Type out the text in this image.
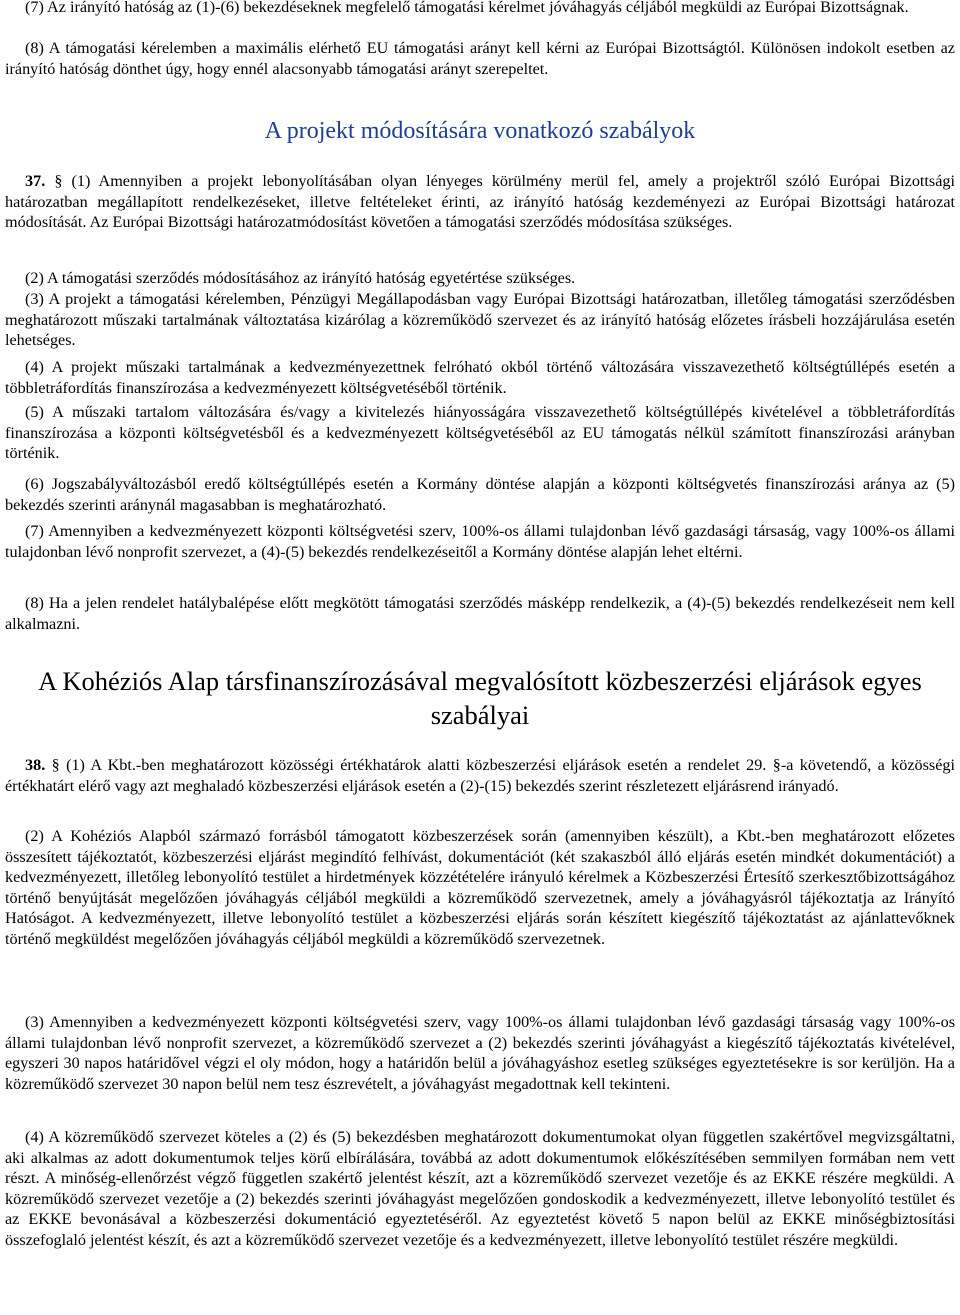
(7) Az irányító hatóság az (1)-(6) bekezdéseknek megfelelő támogatási kérelmet jóváhagyás céljából megküldi az Európai Bizottságnak.

(8) A támogatási kérelemben a maximális elérhető EU támogatási arányt kell kérni az Európai Bizottságtól. Különösen indokolt esetben az irányító hatóság dönthet úgy, hogy ennél alacsonyabb támogatási arányt szerepeltet.

A projekt módosítására vonatkozó szabályok

37. § (1) Amennyiben a projekt lebonyolításában olyan lényeges körülmény merül fel, amely a projektről szóló Európai Bizottsági határozatban megállapított rendelkezéseket, illetve feltételeket érinti, az irányító hatóság kezdeményezi az Európai Bizottsági határozat módosítását. Az Európai Bizottsági határozatmódosítást követően a támogatási szerződés módosítása szükséges.

(2) A támogatási szerződés módosításához az irányító hatóság egyetértése szükséges.

(3) A projekt a támogatási kérelemben, Pénzügyi Megállapodásban vagy Európai Bizottsági határozatban, illetőleg támogatási szerződésben meghatározott műszaki tartalmának változtatása kizárólag a közreműködő szervezet és az irányító hatóság előzetes írásbeli hozzájárulása esetén lehetséges.

(4) A projekt műszaki tartalmának a kedvezményezettnek felróható okból történő változására visszavezethető költségtúllépés esetén a többletráfordítás finanszírozása a kedvezményezett költségvetéséből történik.

(5) A műszaki tartalom változására és/vagy a kivitelezés hiányosságára visszavezethető költségtúllépés kivételével a többletráfordítás finanszírozása a központi költségvetésből és a kedvezményezett költségvetéséből az EU támogatás nélkül számított finanszírozási arányban történik.

(6) Jogszabályváltozásból eredő költségtúllépés esetén a Kormány döntése alapján a központi költségvetés finanszírozási aránya az (5) bekezdés szerinti aránynál magasabban is meghatározható.

(7) Amennyiben a kedvezményezett központi költségvetési szerv, 100%-os állami tulajdonban lévő gazdasági társaság, vagy 100%-os állami tulajdonban lévő nonprofit szervezet, a (4)-(5) bekezdés rendelkezéseitől a Kormány döntése alapján lehet eltérni.

(8) Ha a jelen rendelet hatálybalépése előtt megkötött támogatási szerződés másképp rendelkezik, a (4)-(5) bekezdés rendelkezéseit nem kell alkalmazni.

A Kohéziós Alap társfinanszírozásával megvalósított közbeszerzési eljárások egyes szabályai

38. § (1) A Kbt.-ben meghatározott közösségi értékhatárok alatti közbeszerzési eljárások esetén a rendelet 29. §-a követendő, a közösségi értékhatárt elérő vagy azt meghaladó közbeszerzési eljárások esetén a (2)-(15) bekezdés szerint részletezett eljárásrend irányadó.

(2) A Kohéziós Alapból származó forrásból támogatott közbeszerzések során (amennyiben készült), a Kbt.-ben meghatározott előzetes összesített tájékoztatót, közbeszerzési eljárást megindító felhívást, dokumentációt (két szakaszból álló eljárás esetén mindkét dokumentációt) a kedvezményezett, illetőleg lebonyolító testület a hirdetmények közzétételére irányuló kérelmek a Közbeszerzési Értesítő szerkesztőbizottságához történő benyújtását megelőzően jóváhagyás céljából megküldi a közreműködő szervezetnek, amely a jóváhagyásról tájékoztatja az Irányító Hatóságot. A kedvezményezett, illetve lebonyolító testület a közbeszerzési eljárás során készített kiegészítő tájékoztatást az ajánlattevőknek történő megküldést megelőzően jóváhagyás céljából megküldi a közreműködő szervezetnek.

(3) Amennyiben a kedvezményezett központi költségvetési szerv, vagy 100%-os állami tulajdonban lévő gazdasági társaság vagy 100%-os állami tulajdonban lévő nonprofit szervezet, a közreműködő szervezet a (2) bekezdés szerinti jóváhagyást a kiegészítő tájékoztatás kivételével, egyszeri 30 napos határidővel végzi el oly módon, hogy a határidőn belül a jóváhagyáshoz esetleg szükséges egyeztetésekre is sor kerüljön. Ha a közreműködő szervezet 30 napon belül nem tesz észrevételt, a jóváhagyást megadottnak kell tekinteni.

(4) A közreműködő szervezet köteles a (2) és (5) bekezdésben meghatározott dokumentumokat olyan független szakértővel megvizsgáltatni, aki alkalmas az adott dokumentumok teljes körű elbírálására, továbbá az adott dokumentumok előkészítésében semmilyen formában nem vett részt. A minőség-ellenőrzést végző független szakértő jelentést készít, azt a közreműködő szervezet vezetője és az EKKE részére megküldi. A közreműködő szervezet vezetője a (2) bekezdés szerinti jóváhagyást megelőzően gondoskodik a kedvezményezett, illetve lebonyolító testület és az EKKE bevonásával a közbeszerzési dokumentáció egyeztetéséről. Az egyeztetést követő 5 napon belül az EKKE minőségbiztosítási összefoglaló jelentést készít, és azt a közreműködő szervezet vezetője és a kedvezményezett, illetve lebonyolító testület részére megküldi.
